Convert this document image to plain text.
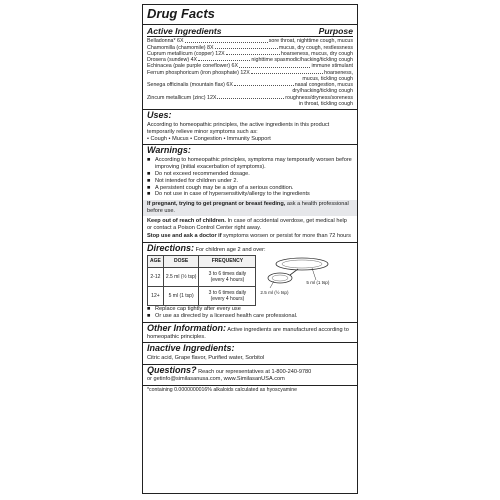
Drug Facts
Active Ingredients	Purpose
Belladonna* 6X	sore throat, nighttime cough, mucus
Chamomilla (chamomile) 8X	mucus, dry cough, restlessness
Cuprum metallicum (copper) 12X	hoarseness, mucus, dry cough
Drosera (sundew) 4X	nighttime spasmodic/hacking/tickling cough
Echinacea (pale purple coneflower) 6X	immune stimulant
Ferrum phosphoricum (iron phosphate) 12X	hoarseness,
mucus, tickling cough
Senega officinalis (mountain flax) 6X	nasal congestion, mucus
dry/hacking/tickling cough
Zincum metallicum (zinc) 12X	roughness/dryness/soreness
in throat, tickling cough
Uses:
According to homeopathic principles, the active ingredients in this product temporarily relieve minor symptoms such as:
• Cough • Mucus • Congestion • Immunity Support
Warnings:
■ According to homeopathic principles, symptoms may temporarily worsen before improving (initial exacerbation of symptoms).
■ Do not exceed recommended dosage.
■ Not intended for children under 2.
■ A persistent cough may be a sign of a serious condition.
■ Do not use in case of hypersensitivity/allergy to the ingredients
If pregnant, trying to get pregnant or breast feeding, ask a health professional before use.
Keep out of reach of children. In case of accidental overdose, get medical help or contact a Poison Control Center right away.
Stop use and ask a doctor if symptoms worsen or persist for more than 72 hours
Directions: For children age 2 and over:
AGE	DOSE	FREQUENCY
2-12	2.5 ml (½ tsp)	3 to 6 times daily (every 4 hours)
12+	5 ml (1 tsp)	3 to 6 times daily (every 4 hours)
2.5 ml (½ tsp)
5 ml (1 tsp)
■ Replace cap tightly after every use
■ Or use as directed by a licensed health care professional.
Other Information: Active ingredients are manufactured according to homeopathic principles.
Inactive Ingredients:
Citric acid, Grape flavor, Purified water, Sorbitol
Questions? Reach our representatives at 1-800-240-9780
or getinfo@similasanusa.com, www.SimilasanUSA.com
*containing 0.0000000016% alkaloids calculated as hyoscyamine
